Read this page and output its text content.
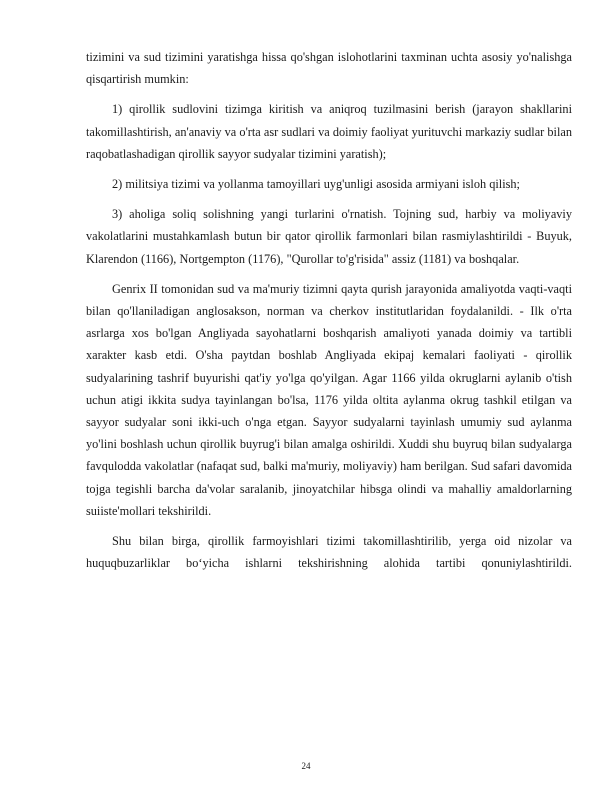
tizimini va sud tizimini yaratishga hissa qo'shgan islohotlarini taxminan uchta asosiy yo'nalishga qisqartirish mumkin:

1) qirollik sudlovini tizimga kiritish va aniqroq tuzilmasini berish (jarayon shakllarini takomillashtirish, an'anaviy va o'rta asr sudlari va doimiy faoliyat yurituvchi markaziy sudlar bilan raqobatlashadigan qirollik sayyor sudyalar tizimini yaratish);

2) militsiya tizimi va yollanma tamoyillari uyg'unligi asosida armiyani isloh qilish;

3) aholiga soliq solishning yangi turlarini o'rnatish. Tojning sud, harbiy va moliyaviy vakolatlarini mustahkamlash butun bir qator qirollik farmonlari bilan rasmiylashtirildi - Buyuk, Klarendon (1166), Nortgempton (1176), "Qurollar to'g'risida" assiz (1181) va boshqalar.

Genrix II tomonidan sud va ma'muriy tizimni qayta qurish jarayonida amaliyotda vaqti-vaqti bilan qo'llaniladigan anglosakson, norman va cherkov institutlaridan foydalanildi. - Ilk o'rta asrlarga xos bo'lgan Angliyada sayohatlarni boshqarish amaliyoti yanada doimiy va tartibli xarakter kasb etdi. O'sha paytdan boshlab Angliyada ekipaj kemalari faoliyati - qirollik sudyalarining tashrif buyurishi qat'iy yo'lga qo'yilgan. Agar 1166 yilda okruglarni aylanib o'tish uchun atigi ikkita sudya tayinlangan bo'lsa, 1176 yilda oltita aylanma okrug tashkil etilgan va sayyor sudyalar soni ikki-uch o'nga etgan. Sayyor sudyalarni tayinlash umumiy sud aylanma yo'lini boshlash uchun qirollik buyrug'i bilan amalga oshirildi. Xuddi shu buyruq bilan sudyalarga favqulodda vakolatlar (nafaqat sud, balki ma'muriy, moliyaviy) ham berilgan. Sud safari davomida tojga tegishli barcha da'volar saralanib, jinoyatchilar hibsga olindi va mahalliy amaldorlarning suiiste'mollari tekshirildi.

Shu bilan birga, qirollik farmoyishlari tizimi takomillashtirilib, yerga oid nizolar va huquqbuzarliklar bo‘yicha ishlarni tekshirishning alohida tartibi qonuniylashtirildi.

24
